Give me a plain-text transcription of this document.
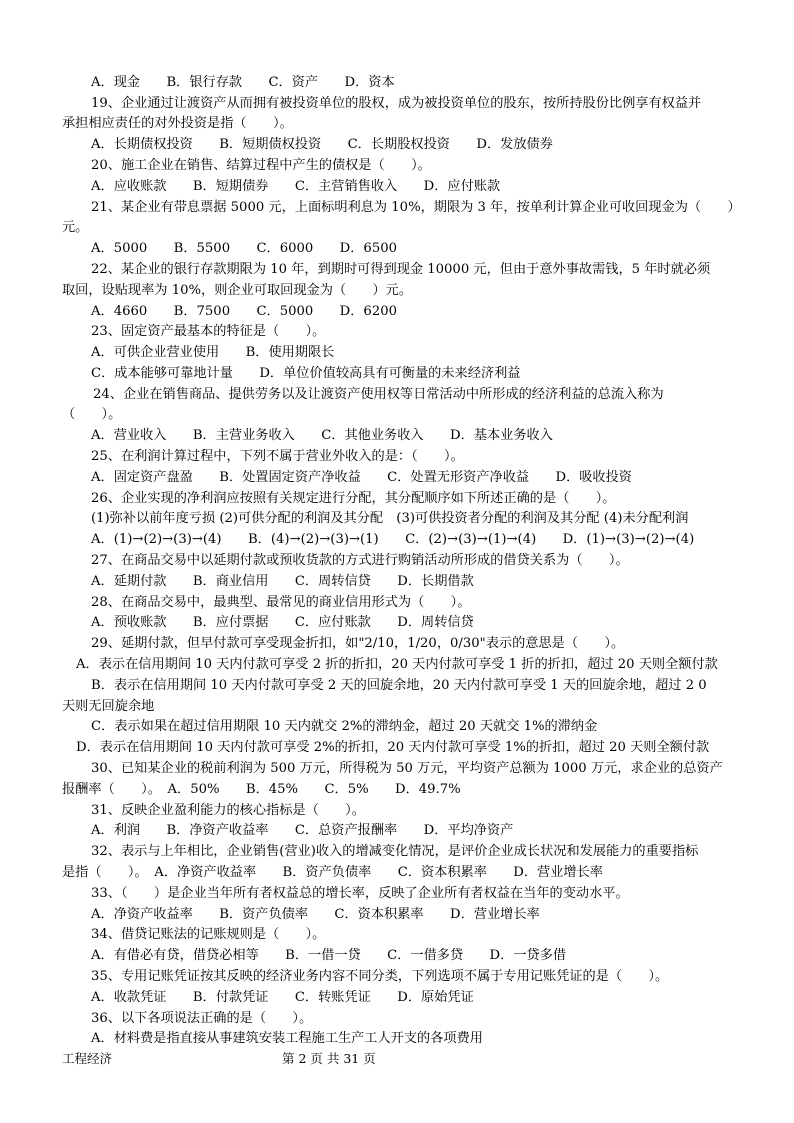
A．现金　　B．银行存款　　C．资产　　D．资本
19、企业通过让渡资产从而拥有被投资单位的股权，成为被投资单位的股东，按所持股份比例享有权益并
承担相应责任的对外投资是指（　　）。
A．长期债权投资　　B．短期债权投资　　C．长期股权投资　　D．发放债券
20、施工企业在销售、结算过程中产生的债权是（　　）。
A．应收账款　　B．短期债券　　C．主营销售收入　　D．应付账款
21、某企业有带息票据 5000 元，上面标明利息为 10%，期限为 3 年，按单利计算企业可收回现金为（　　）
元。
A．5000　　B．5500　　C．6000　　D．6500
22、某企业的银行存款期限为 10 年，到期时可得到现金 10000 元，但由于意外事故需钱，5 年时就必须
取回，设贴现率为 10%，则企业可取回现金为（　　）元。
A．4660　　B．7500　　C．5000　　D．6200
23、固定资产最基本的特征是（　　）。
A．可供企业营业使用　　B．使用期限长
C．成本能够可靠地计量　　D．单位价值较高具有可衡量的未来经济利益
24、企业在销售商品、提供劳务以及让渡资产使用权等日常活动中所形成的经济利益的总流入称为
（　　）。
A．营业收入　　B．主营业务收入　　C．其他业务收入　　D．基本业务收入
25、在利润计算过程中，下列不属于营业外收入的是：（　　）。
A．固定资产盘盈　　B．处置固定资产净收益　　C．处置无形资产净收益　　D．吸收投资
26、企业实现的净利润应按照有关规定进行分配，其分配顺序如下所述正确的是（　　）。
(1)弥补以前年度亏损 (2)可供分配的利润及其分配　(3)可供投资者分配的利润及其分配 (4)未分配利润
A．(1)→(2)→(3)→(4)　　B．(4)→(2)→(3)→(1)　　C．(2)→(3)→(1)→(4)　　D．(1)→(3)→(2)→(4)
27、在商品交易中以延期付款或预收货款的方式进行购销活动所形成的借贷关系为（　　）。
A．延期付款　　B．商业信用　　C．周转信贷　　D．长期借款
28、在商品交易中，最典型、最常见的商业信用形式为（　　）。
A．预收账款　　B．应付票据　　C．应付账款　　D．周转信贷
29、延期付款，但早付款可享受现金折扣，如"2/10，1/20，0/30"表示的意思是（　　）。
A．表示在信用期间 10 天内付款可享受 2 折的折扣，20 天内付款可享受 1 折的折扣，超过 20 天则全额付款
B．表示在信用期间 10 天内付款可享受 2 天的回旋余地，20 天内付款可享受 1 天的回旋余地，超过 2 0
天则无回旋余地
C．表示如果在超过信用期限 10 天内就交 2%的滞纳金，超过 20 天就交 1%的滞纳金
D．表示在信用期间 10 天内付款可享受 2%的折扣，20 天内付款可享受 1%的折扣，超过 20 天则全额付款
30、已知某企业的税前利润为 500 万元，所得税为 50 万元，平均资产总额为 1000 万元，求企业的总资产
报酬率（　　）。　A．50%　　B．45%　　C．5%　　D．49.7%
31、反映企业盈利能力的核心指标是（　　）。
A．利润　　B．净资产收益率　　C．总资产报酬率　　D．平均净资产
32、表示与上年相比，企业销售(营业)收入的增减变化情况，是评价企业成长状况和发展能力的重要指标
是指（　　）。　A．净资产收益率　　B．资产负债率　　C．资本积累率　　D．营业增长率
33、（　　）是企业当年所有者权益总的增长率，反映了企业所有者权益在当年的变动水平。
A．净资产收益率　　B．资产负债率　　C．资本积累率　　D．营业增长率
34、借贷记账法的记账规则是（　　）。
A．有借必有贷，借贷必相等　　B．一借一贷　　C．一借多贷　　D．一贷多借
35、专用记账凭证按其反映的经济业务内容不同分类，下列选项不属于专用记账凭证的是（　　）。
A．收款凭证　　B．付款凭证　　C．转账凭证　　D．原始凭证
36、以下各项说法正确的是（　　）。
A．材料费是指直接从事建筑安装工程施工生产工人开支的各项费用
工程经济	第 2 页 共 31 页
